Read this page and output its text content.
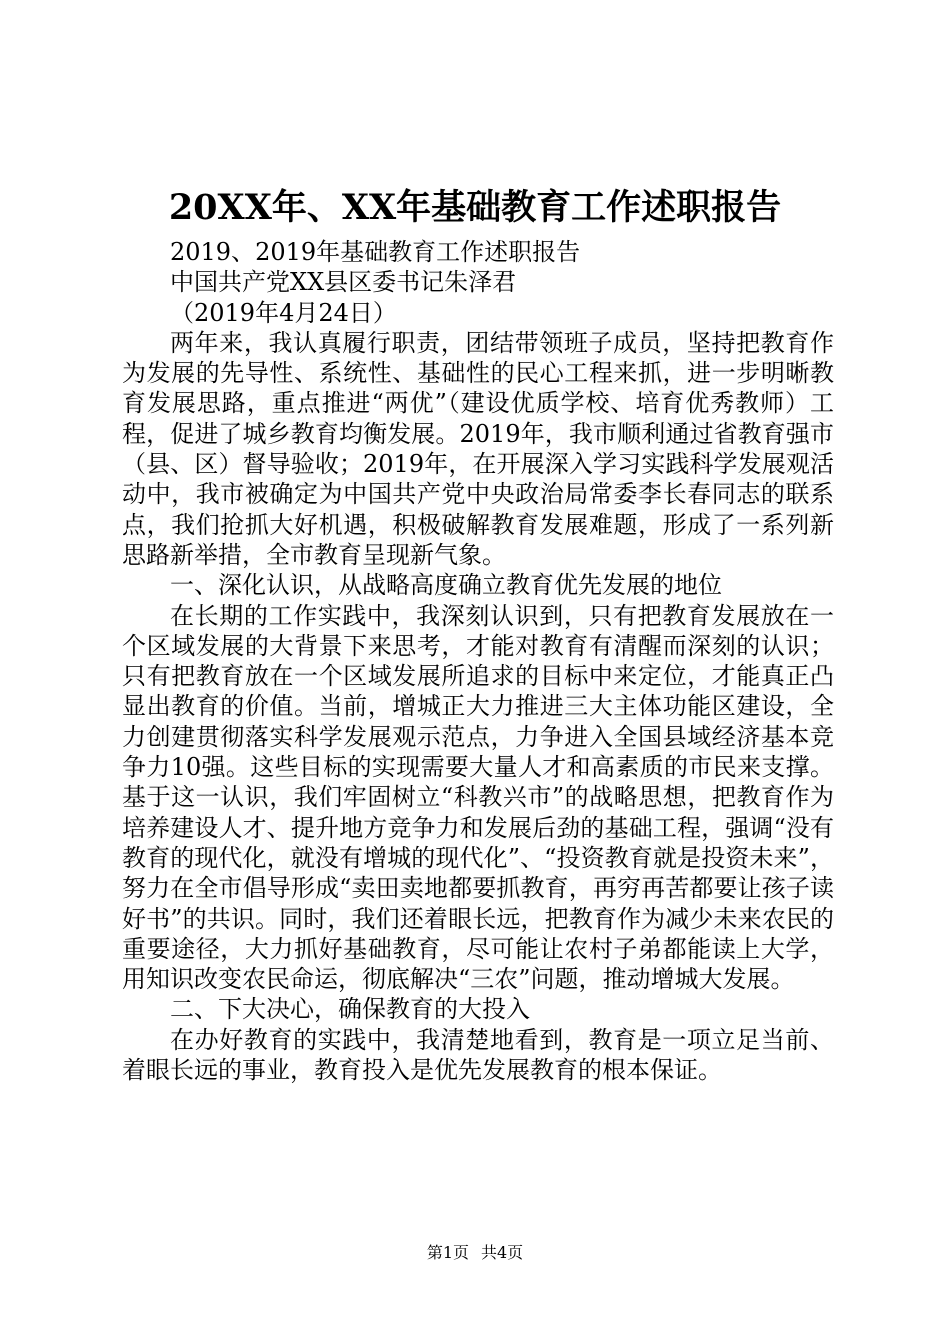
20XX年、XX年基础教育工作述职报告

2019、2019年基础教育工作述职报告

中国共产党XX县区委书记朱泽君

（2019年4月24日）

两年来，我认真履行职责，团结带领班子成员，坚持把教育作为发展的先导性、系统性、基础性的民心工程来抓，进一步明晰教育发展思路，重点推进“两优”（建设优质学校、培育优秀教师）工程，促进了城乡教育均衡发展。2019年，我市顺利通过省教育强市（县、区）督导验收；2019年，在开展深入学习实践科学发展观活动中，我市被确定为中国共产党中央政治局常委李长春同志的联系点，我们抢抓大好机遇，积极破解教育发展难题，形成了一系列新思路新举措，全市教育呈现新气象。

一、深化认识，从战略高度确立教育优先发展的地位

在长期的工作实践中，我深刻认识到，只有把教育发展放在一个区域发展的大背景下来思考，才能对教育有清醒而深刻的认识；只有把教育放在一个区域发展所追求的目标中来定位，才能真正凸显出教育的价值。当前，增城正大力推进三大主体功能区建设，全力创建贯彻落实科学发展观示范点，力争进入全国县域经济基本竞争力10强。这些目标的实现需要大量人才和高素质的市民来支撑。基于这一认识，我们牢固树立“科教兴市”的战略思想，把教育作为培养建设人才、提升地方竞争力和发展后劲的基础工程，强调“没有教育的现代化，就没有增城的现代化”、“投资教育就是投资未来”，努力在全市倡导形成“卖田卖地都要抓教育，再穷再苦都要让孩子读好书”的共识。同时，我们还着眼长远，把教育作为减少未来农民的重要途径，大力抓好基础教育，尽可能让农村子弟都能读上大学，用知识改变农民命运，彻底解决“三农”问题，推动增城大发展。

二、下大决心，确保教育的大投入

在办好教育的实践中，我清楚地看到，教育是一项立足当前、着眼长远的事业，教育投入是优先发展教育的根本保证。

第1页 共4页
